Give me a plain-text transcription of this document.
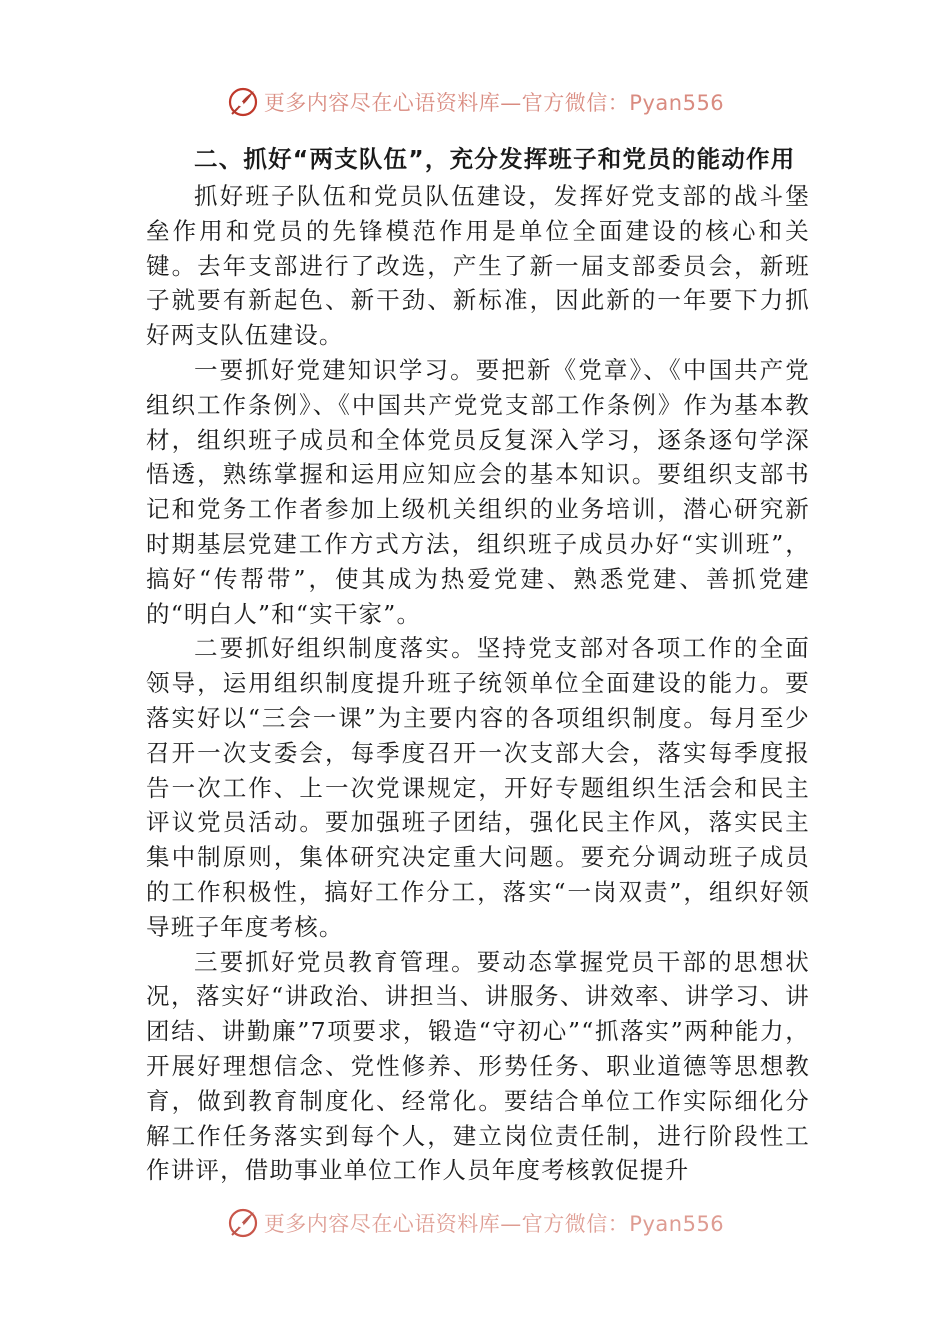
更多内容尽在心语资料库—官方微信：Pyan556

二、抓好“两支队伍”，充分发挥班子和党员的能动作用

抓好班子队伍和党员队伍建设，发挥好党支部的战斗堡垒作用和党员的先锋模范作用是单位全面建设的核心和关键。去年支部进行了改选，产生了新一届支部委员会，新班子就要有新起色、新干劲、新标准，因此新的一年要下力抓好两支队伍建设。

一要抓好党建知识学习。要把新《党章》、《中国共产党组织工作条例》、《中国共产党党支部工作条例》作为基本教材，组织班子成员和全体党员反复深入学习，逐条逐句学深悟透，熟练掌握和运用应知应会的基本知识。要组织支部书记和党务工作者参加上级机关组织的业务培训，潜心研究新时期基层党建工作方式方法，组织班子成员办好“实训班”，搞好“传帮带”，使其成为热爱党建、熟悉党建、善抓党建的“明白人”和“实干家”。

二要抓好组织制度落实。坚持党支部对各项工作的全面领导，运用组织制度提升班子统领单位全面建设的能力。要落实好以“三会一课”为主要内容的各项组织制度。每月至少召开一次支委会，每季度召开一次支部大会，落实每季度报告一次工作、上一次党课规定，开好专题组织生活会和民主评议党员活动。要加强班子团结，强化民主作风，落实民主集中制原则，集体研究决定重大问题。要充分调动班子成员的工作积极性，搞好工作分工，落实“一岗双责”，组织好领导班子年度考核。

三要抓好党员教育管理。要动态掌握党员干部的思想状况，落实好“讲政治、讲担当、讲服务、讲效率、讲学习、讲团结、讲勤廉”7项要求，锻造“守初心”“抓落实”两种能力，开展好理想信念、党性修养、形势任务、职业道德等思想教育，做到教育制度化、经常化。要结合单位工作实际细化分解工作任务落实到每个人，建立岗位责任制，进行阶段性工作讲评，借助事业单位工作人员年度考核敦促提升

更多内容尽在心语资料库—官方微信：Pyan556
